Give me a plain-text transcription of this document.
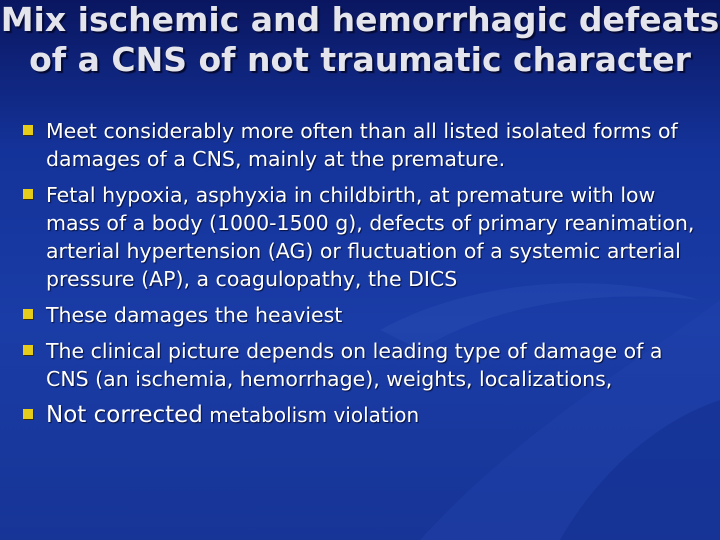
Mix ischemic and hemorrhagic defeats of a CNS of not traumatic character
Meet considerably more often than all listed isolated forms of damages of a CNS, mainly at the premature.
Fetal hypoxia, asphyxia in childbirth, at premature with low mass of a body (1000-1500 g), defects of primary reanimation, arterial hypertension (AG) or fluctuation of a systemic arterial pressure (AP), a coagulopathy, the DICS
These damages the heaviest
The clinical picture depends on leading type of damage of a CNS (an ischemia, hemorrhage), weights, localizations,
Not corrected metabolism violation
